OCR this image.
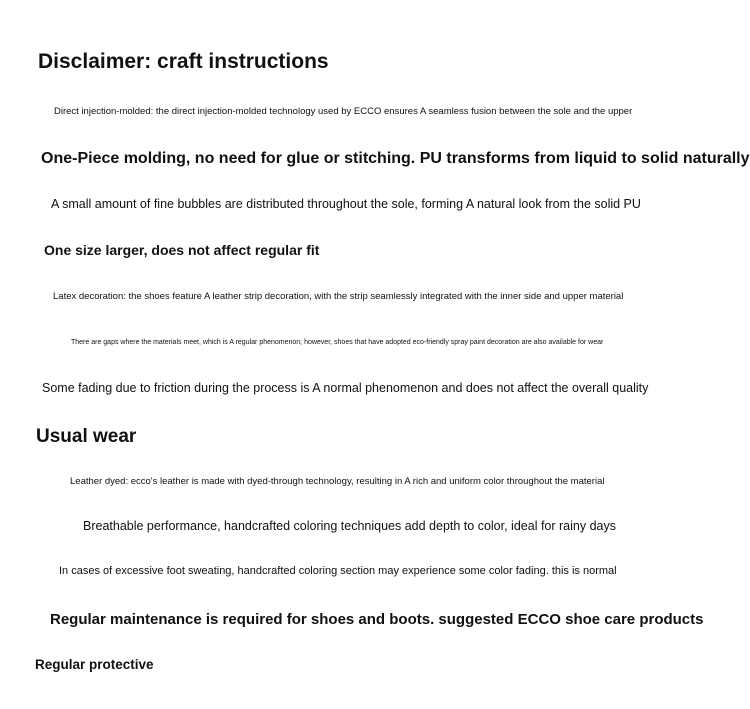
Disclaimer: craft instructions
Direct injection-molded: the direct injection-molded technology used by ECCO ensures A seamless fusion between the sole and the upper
One-Piece molding, no need for glue or stitching. PU transforms from liquid to solid naturally
A small amount of fine bubbles are distributed throughout the sole, forming A natural look from the solid PU
One size larger, does not affect regular fit
Latex decoration: the shoes feature A leather strip decoration, with the strip seamlessly integrated with the inner side and upper material
There are gaps where the materials meet, which is A regular phenomenon; however, shoes that have adopted eco-friendly spray paint decoration are also available for wear
Some fading due to friction during the process is A normal phenomenon and does not affect the overall quality
Usual wear
Leather dyed: ecco's leather is made with dyed-through technology, resulting in A rich and uniform color throughout the material
Breathable performance, handcrafted coloring techniques add depth to color, ideal for rainy days
In cases of excessive foot sweating, handcrafted coloring section may experience some color fading. this is normal
Regular maintenance is required for shoes and boots. suggested ECCO shoe care products
Regular protective
